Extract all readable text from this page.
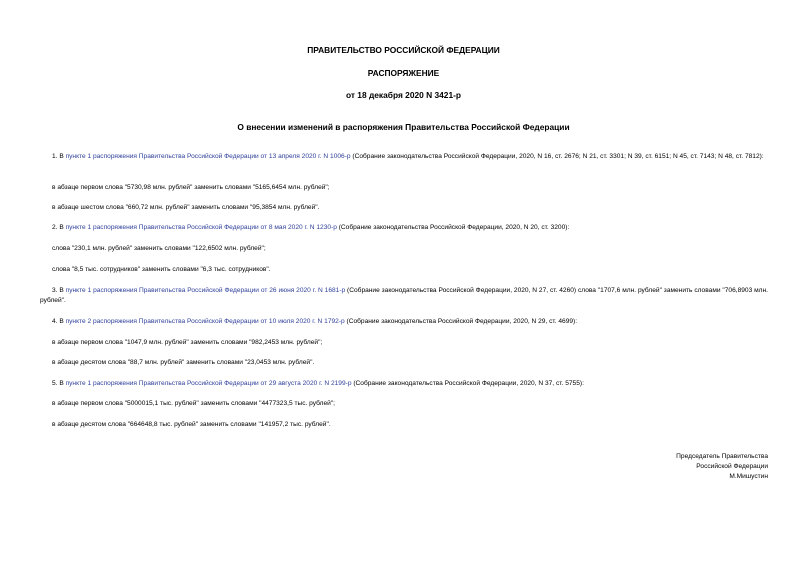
ПРАВИТЕЛЬСТВО РОССИЙСКОЙ ФЕДЕРАЦИИ
РАСПОРЯЖЕНИЕ
от 18 декабря 2020 N 3421-р
О внесении изменений в распоряжения Правительства Российской Федерации
1. В пункте 1 распоряжения Правительства Российской Федерации от 13 апреля 2020 г. N 1006-р (Собрание законодательства Российской Федерации, 2020, N 16, ст. 2676; N 21, ст. 3301; N 39, ст. 6151; N 45, ст. 7143; N 48, ст. 7812):
в абзаце первом слова "5730,98 млн. рублей" заменить словами "5165,6454 млн. рублей";
в абзаце шестом слова "660,72 млн. рублей" заменить словами "95,3854 млн. рублей".
2. В пункте 1 распоряжения Правительства Российской Федерации от 8 мая 2020 г. N 1230-р (Собрание законодательства Российской Федерации, 2020, N 20, ст. 3200):
слова "230,1 млн. рублей" заменить словами "122,6502 млн. рублей";
слова "8,5 тыс. сотрудников" заменить словами "6,3 тыс. сотрудников".
3. В пункте 1 распоряжения Правительства Российской Федерации от 26 июня 2020 г. N 1681-р (Собрание законодательства Российской Федерации, 2020, N 27, ст. 4260) слова "1707,6 млн. рублей" заменить словами "706,8903 млн. рублей".
4. В пункте 2 распоряжения Правительства Российской Федерации от 10 июля 2020 г. N 1792-р (Собрание законодательства Российской Федерации, 2020, N 29, ст. 4699):
в абзаце первом слова "1047,9 млн. рублей" заменить словами "982,2453 млн. рублей";
в абзаце десятом слова "88,7 млн. рублей" заменить словами "23,0453 млн. рублей".
5. В пункте 1 распоряжения Правительства Российской Федерации от 29 августа 2020 г. N 2199-р (Собрание законодательства Российской Федерации, 2020, N 37, ст. 5755):
в абзаце первом слова "5000015,1 тыс. рублей" заменить словами "4477323,5 тыс. рублей";
в абзаце десятом слова "664648,8 тыс. рублей" заменить словами "141957,2 тыс. рублей".
Председатель Правительства
Российской Федерации
М.Мишустин
